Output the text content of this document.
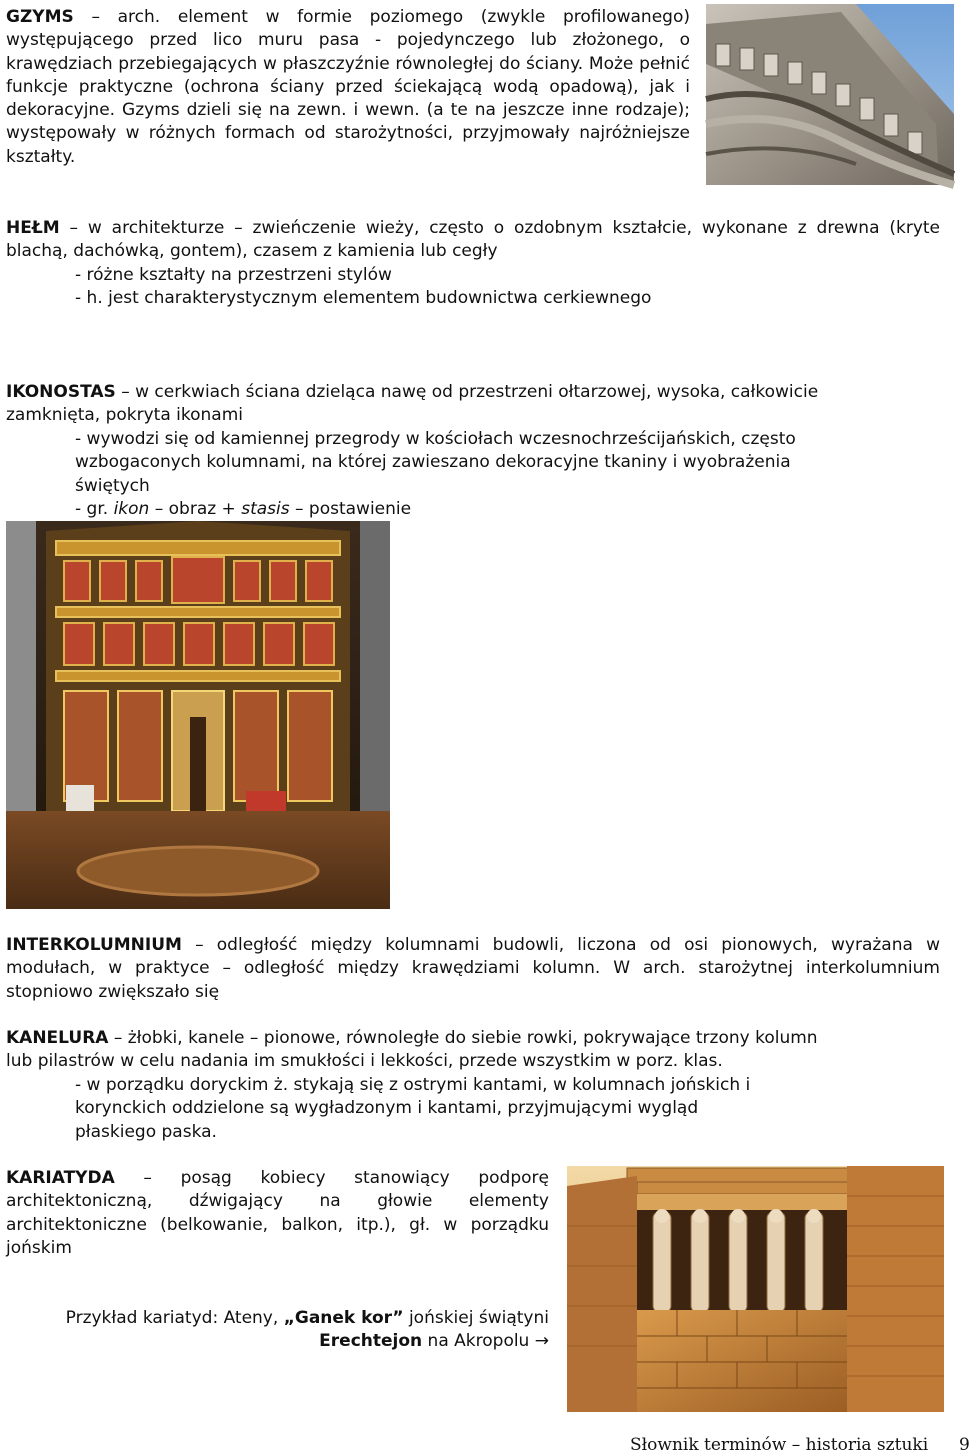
GZYMS – arch. element w formie poziomego (zwykle profilowanego) występującego przed lico muru pasa - pojedynczego lub złożonego, o krawędziach przebiegających w płaszczyźnie równoległej do ściany. Może pełnić funkcje praktyczne (ochrona ściany przed ściekającą wodą opadową), jak i dekoracyjne. Gzyms dzieli się na zewn. i wewn. (a te na jeszcze inne rodzaje); występowały w różnych formach od starożytności, przyjmowały najróżniejsze kształty.
HEŁM – w architekturze – zwieńczenie wieży, często o ozdobnym kształcie, wykonane z drewna (kryte blachą, dachówką, gontem), czasem z kamienia lub cegły
- różne kształty na przestrzeni stylów
- h. jest charakterystycznym elementem budownictwa cerkiewnego
IKONOSTAS – w cerkwiach ściana dzieląca nawę od przestrzeni ołtarzowej, wysoka, całkowicie zamknięta, pokryta ikonami
- wywodzi się od kamiennej przegrody w kościołach wczesnochrześcijańskich, często wzbogaconych kolumnami, na której zawieszano dekoracyjne tkaniny i wyobrażenia świętych
- gr. ikon – obraz + stasis – postawienie
INTERKOLUMNIUM – odległość między kolumnami budowli, liczona od osi pionowych, wyrażana w modułach, w praktyce – odległość między krawędziami kolumn. W arch. starożytnej interkolumnium stopniowo zwiększało się
KANELURA – żłobki, kanele – pionowe, równoległe do siebie rowki, pokrywające trzony kolumn lub pilastrów w celu nadania im smukłości i lekkości, przede wszystkim w porz. klas.
- w porządku doryckim ż. stykają się z ostrymi kantami, w kolumnach jońskich i korynckich oddzielone są wygładzonym i kantami, przyjmującymi wygląd płaskiego paska.
KARIATYDA – posąg kobiecy stanowiący podporę architektoniczną, dźwigający na głowie elementy architektoniczne (belkowanie, balkon, itp.), gł. w porządku jońskim
Przykład kariatyd: Ateny, „Ganek kor” jońskiej świątyni
Erechtejon na Akropolu →
Słownik terminów – historia sztuki 9
